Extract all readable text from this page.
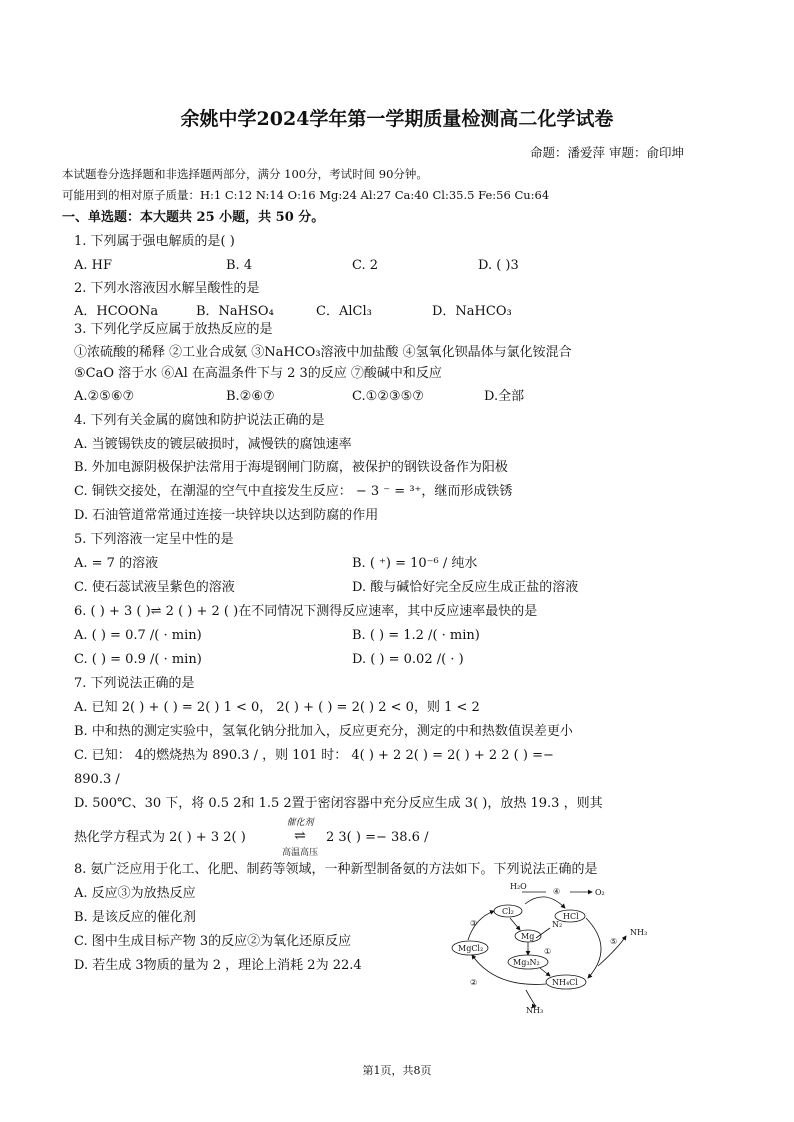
余姚中学2024学年第一学期质量检测高二化学试卷
命题：潘爱萍 审题：俞印坤
本试题卷分选择题和非选择题两部分，满分 100分，考试时间 90分钟。
可能用到的相对原子质量：H:1 C:12 N:14 O:16 Mg:24 Al:27 Ca:40 Cl:35.5 Fe:56 Cu:64
一、单选题：本大题共 25 小题，共 50 分。
1. 下列属于强电解质的是( )
A. HF	B. 4	C. 2	D. ( )3
2. 下列水溶液因水解呈酸性的是
A．HCOONa	B．NaHSO₄	C．AlCl₃	D．NaHCO₃
3. 下列化学反应属于放热反应的是
①浓硫酸的稀释 ②工业合成氨 ③NaHCO₃溶液中加盐酸 ④氢氧化钡晶体与氯化铵混合
⑤CaO 溶于水 ⑥Al 在高温条件下与 2 3的反应 ⑦酸碱中和反应
A.②⑤⑥⑦	B.②⑥⑦	C.①②③⑤⑦	D.全部
4. 下列有关金属的腐蚀和防护说法正确的是
A. 当镀锡铁皮的镀层破损时，减慢铁的腐蚀速率
B. 外加电源阴极保护法常用于海堤钢闸门防腐，被保护的钢铁设备作为阳极
C. 铜铁交接处，在潮湿的空气中直接发生反应： − 3 ⁻ = ³⁺，继而形成铁锈
D. 石油管道常常通过连接一块锌块以达到防腐的作用
5. 下列溶液一定呈中性的是
A. = 7 的溶液	B. ( ⁺) = 10⁻⁶ / 纯水
C. 使石蕊试液呈紫色的溶液	D. 酸与碱恰好完全反应生成正盐的溶液
6. ( ) + 3 ( )⇌ 2 ( ) + 2 ( )在不同情况下测得反应速率，其中反应速率最快的是
A. ( ) = 0.7 /( · min)	B. ( ) = 1.2 /( · min)
C. ( ) = 0.9 /( · min)	D. ( ) = 0.02 /( · )
7. 下列说法正确的是
A. 已知 2( ) + ( ) = 2( ) 1 < 0， 2( ) + ( ) = 2( ) 2 < 0，则 1 < 2
B. 中和热的测定实验中，氢氧化钠分批加入，反应更充分，测定的中和热数值误差更小
C. 已知： 4的燃烧热为 890.3 / ，则 101 时： 4( ) + 2 2( ) = 2( ) + 2 2 ( ) =−
890.3 /
D. 500℃、30 下，将 0.5 2和 1.5 2置于密闭容器中充分反应生成 3( )，放热 19.3 ，则其
热化学方程式为 2( ) + 3 2( )
催化剂
⇌
高温高压
2 3( ) =− 38.6 /
8. 氨广泛应用于化工、化肥、制药等领域，一种新型制备氨的方法如下。下列说法正确的是
A. 反应③为放热反应
B. 是该反应的催化剂
C. 图中生成目标产物 3的反应②为氧化还原反应
D. 若生成 3物质的量为 2 ，理论上消耗 2为 22.4
H₂O
O₂
Cl₂
HCl
Mg
N₂
MgCl₂
Mg₃N₂
NH₄Cl
NH₃
NH₃
①
②
③
④
⑤
第1页，共8页
